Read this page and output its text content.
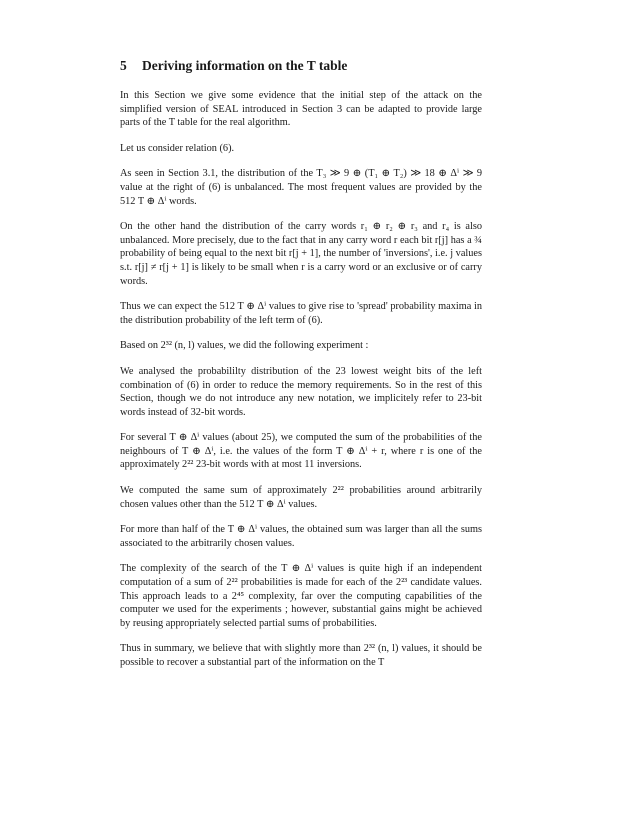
5 Deriving information on the T table

In this Section we give some evidence that the initial step of the attack on the simplified version of SEAL introduced in Section 3 can be adapted to provide large parts of the T table for the real algorithm.

Let us consider relation (6).

As seen in Section 3.1, the distribution of the T₃ ≫ 9 ⊕ (T₁ ⊕ T₂) ≫ 18 ⊕ Δⁱ ≫ 9 value at the right of (6) is unbalanced. The most frequent values are provided by the 512 T ⊕ Δⁱ words.

On the other hand the distribution of the carry words r₁ ⊕ r₂ ⊕ r₃ and r₄ is also unbalanced. More precisely, due to the fact that in any carry word r each bit r[j] has a ¾ probability of being equal to the next bit r[j + 1], the number of 'inversions', i.e. j values s.t. r[j] ≠ r[j + 1] is likely to be small when r is a carry word or an exclusive or of carry words.

Thus we can expect the 512 T ⊕ Δⁱ values to give rise to 'spread' probability maxima in the distribution probability of the left term of (6).

Based on 2³² (n, l) values, we did the following experiment :

We analysed the probabililty distribution of the 23 lowest weight bits of the left combination of (6) in order to reduce the memory requirements. So in the rest of this Section, though we do not introduce any new notation, we implicitely refer to 23-bit words instead of 32-bit words.

For several T ⊕ Δⁱ values (about 25), we computed the sum of the probabilities of the neighbours of T ⊕ Δⁱ, i.e. the values of the form T ⊕ Δⁱ + r, where r is one of the approximately 2²² 23-bit words with at most 11 inversions.

We computed the same sum of approximately 2²² probabilities around arbitrarily chosen values other than the 512 T ⊕ Δⁱ values.

For more than half of the T ⊕ Δⁱ values, the obtained sum was larger than all the sums associated to the arbitrarily chosen values.

The complexity of the search of the T ⊕ Δⁱ values is quite high if an independent computation of a sum of 2²² probabilities is made for each of the 2²³ candidate values. This approach leads to a 2⁴⁵ complexity, far over the computing capabilities of the computer we used for the experiments ; however, substantial gains might be achieved by reusing appropriately selected partial sums of probabilities.

Thus in summary, we believe that with slightly more than 2³² (n, l) values, it should be possible to recover a substantial part of the information on the T
